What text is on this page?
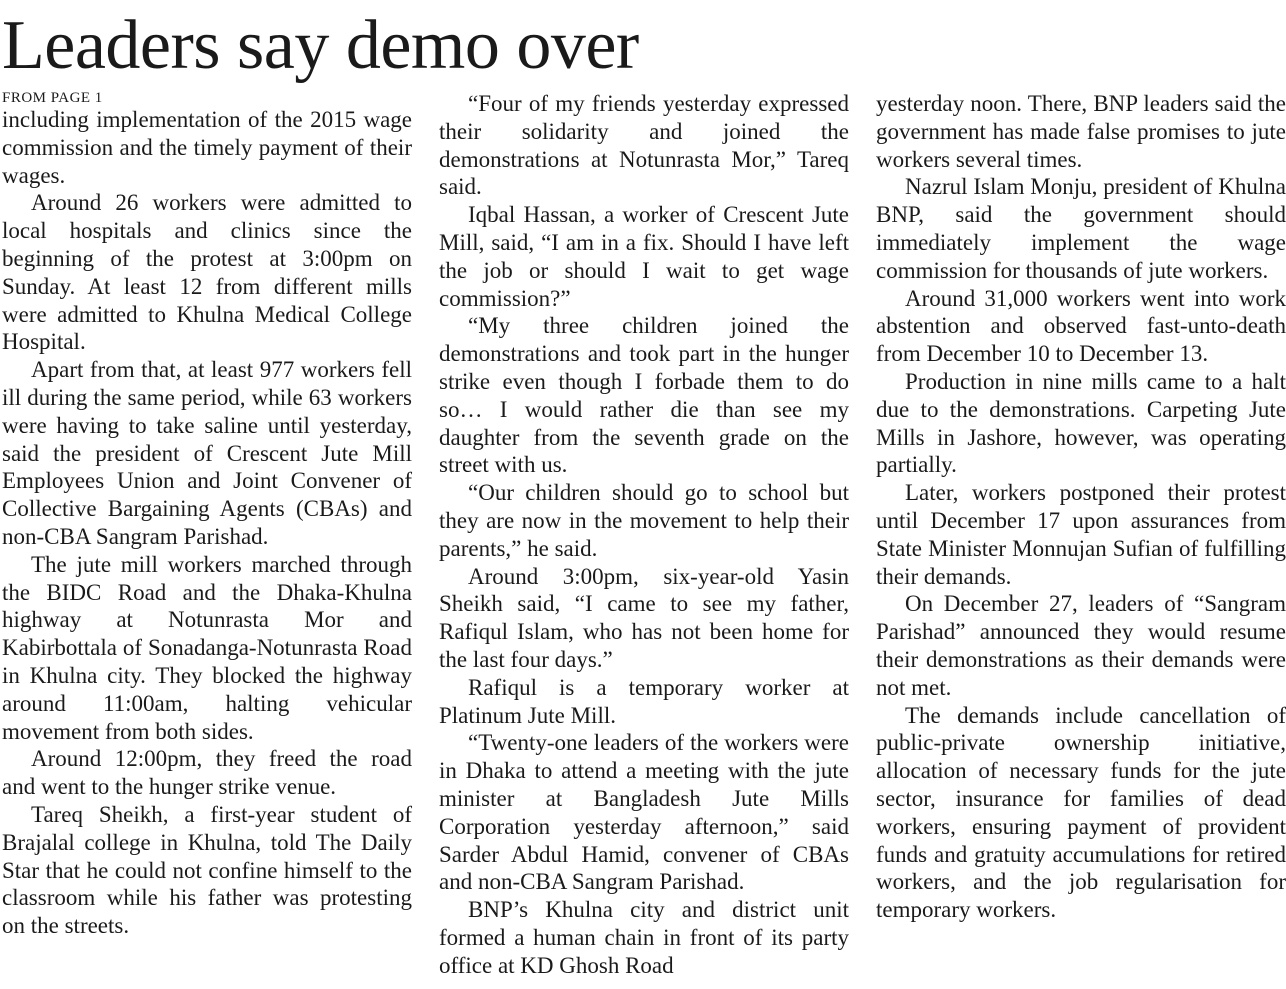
Leaders say demo over
FROM PAGE 1

including implementation of the 2015 wage commission and the timely payment of their wages.

Around 26 workers were admitted to local hospitals and clinics since the beginning of the protest at 3:00pm on Sunday. At least 12 from different mills were admitted to Khulna Medical College Hospital.

Apart from that, at least 977 workers fell ill during the same period, while 63 workers were having to take saline until yesterday, said the president of Crescent Jute Mill Employees Union and Joint Convener of Collective Bargaining Agents (CBAs) and non-CBA Sangram Parishad.

The jute mill workers marched through the BIDC Road and the Dhaka-Khulna highway at Notunrasta Mor and Kabirbottala of Sonadanga-Notunrasta Road in Khulna city. They blocked the highway around 11:00am, halting vehicular movement from both sides.

Around 12:00pm, they freed the road and went to the hunger strike venue.

Tareq Sheikh, a first-year student of Brajalal college in Khulna, told The Daily Star that he could not confine himself to the classroom while his father was protesting on the streets.

“Four of my friends yesterday expressed their solidarity and joined the demonstrations at Notunrasta Mor,” Tareq said.

Iqbal Hassan, a worker of Crescent Jute Mill, said, “I am in a fix. Should I have left the job or should I wait to get wage commission?”

“My three children joined the demonstrations and took part in the hunger strike even though I forbade them to do so… I would rather die than see my daughter from the seventh grade on the street with us.

“Our children should go to school but they are now in the movement to help their parents,” he said.

Around 3:00pm, six-year-old Yasin Sheikh said, “I came to see my father, Rafiqul Islam, who has not been home for the last four days.”

Rafiqul is a temporary worker at Platinum Jute Mill.

“Twenty-one leaders of the workers were in Dhaka to attend a meeting with the jute minister at Bangladesh Jute Mills Corporation yesterday afternoon,” said Sarder Abdul Hamid, convener of CBAs and non-CBA Sangram Parishad.

BNP’s Khulna city and district unit formed a human chain in front of its party office at KD Ghosh Road

yesterday noon. There, BNP leaders said the government has made false promises to jute workers several times.

Nazrul Islam Monju, president of Khulna BNP, said the government should immediately implement the wage commission for thousands of jute workers.

Around 31,000 workers went into work abstention and observed fast-unto-death from December 10 to December 13.

Production in nine mills came to a halt due to the demonstrations. Carpeting Jute Mills in Jashore, however, was operating partially.

Later, workers postponed their protest until December 17 upon assurances from State Minister Monnujan Sufian of fulfilling their demands.

On December 27, leaders of “Sangram Parishad” announced they would resume their demonstrations as their demands were not met.

The demands include cancellation of public-private ownership initiative, allocation of necessary funds for the jute sector, insurance for families of dead workers, ensuring payment of provident funds and gratuity accumulations for retired workers, and the job regularisation for temporary workers.
